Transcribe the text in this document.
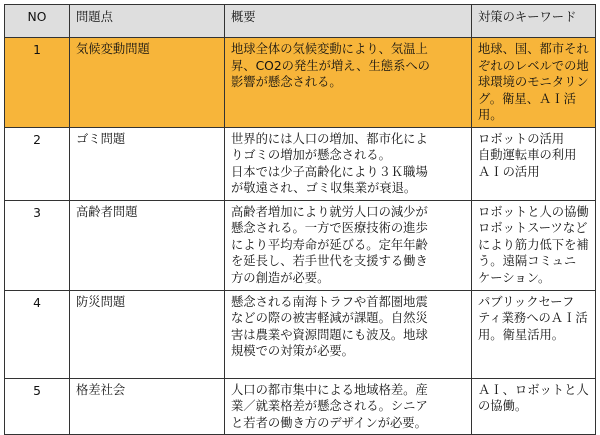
NO	問題点	概要	対策のキーワード
1	気候変動問題	地球全体の気候変動により、気温上
昇、CO2の発生が増え、生態系への
影響が懸念される。	地球、国、都市それ
ぞれのレベルでの地
球環境のモニタリン
グ。衛星、ＡＩ活用。

2	ゴミ問題	世界的には人口の増加、都市化によ
りゴミの増加が懸念される。
日本では少子高齢化により３Ｋ職場
が敬遠され、ゴミ収集業が衰退。	ロボットの活用
自動運転車の利用
ＡＩの活用

3	高齢者問題	高齢者増加により就労人口の減少が
懸念される。一方で医療技術の進歩
により平均寿命が延びる。定年年齢
を延長し、若手世代を支援する働き
方の創造が必要。	ロボットと人の協働
ロボットスーツなど
により筋力低下を補
う。遠隔コミュニ
ケーション。

4	防災問題	懸念される南海トラフや首都圏地震
などの際の被害軽減が課題。自然災
害は農業や資源問題にも波及。地球
規模での対策が必要。	パブリックセーフ
ティ業務へのＡＩ活
用。衛星活用。

5	格差社会	人口の都市集中による地域格差。産
業／就業格差が懸念される。シニア
と若者の働き方のデザインが必要。	ＡＩ、ロボットと人
の協働。
